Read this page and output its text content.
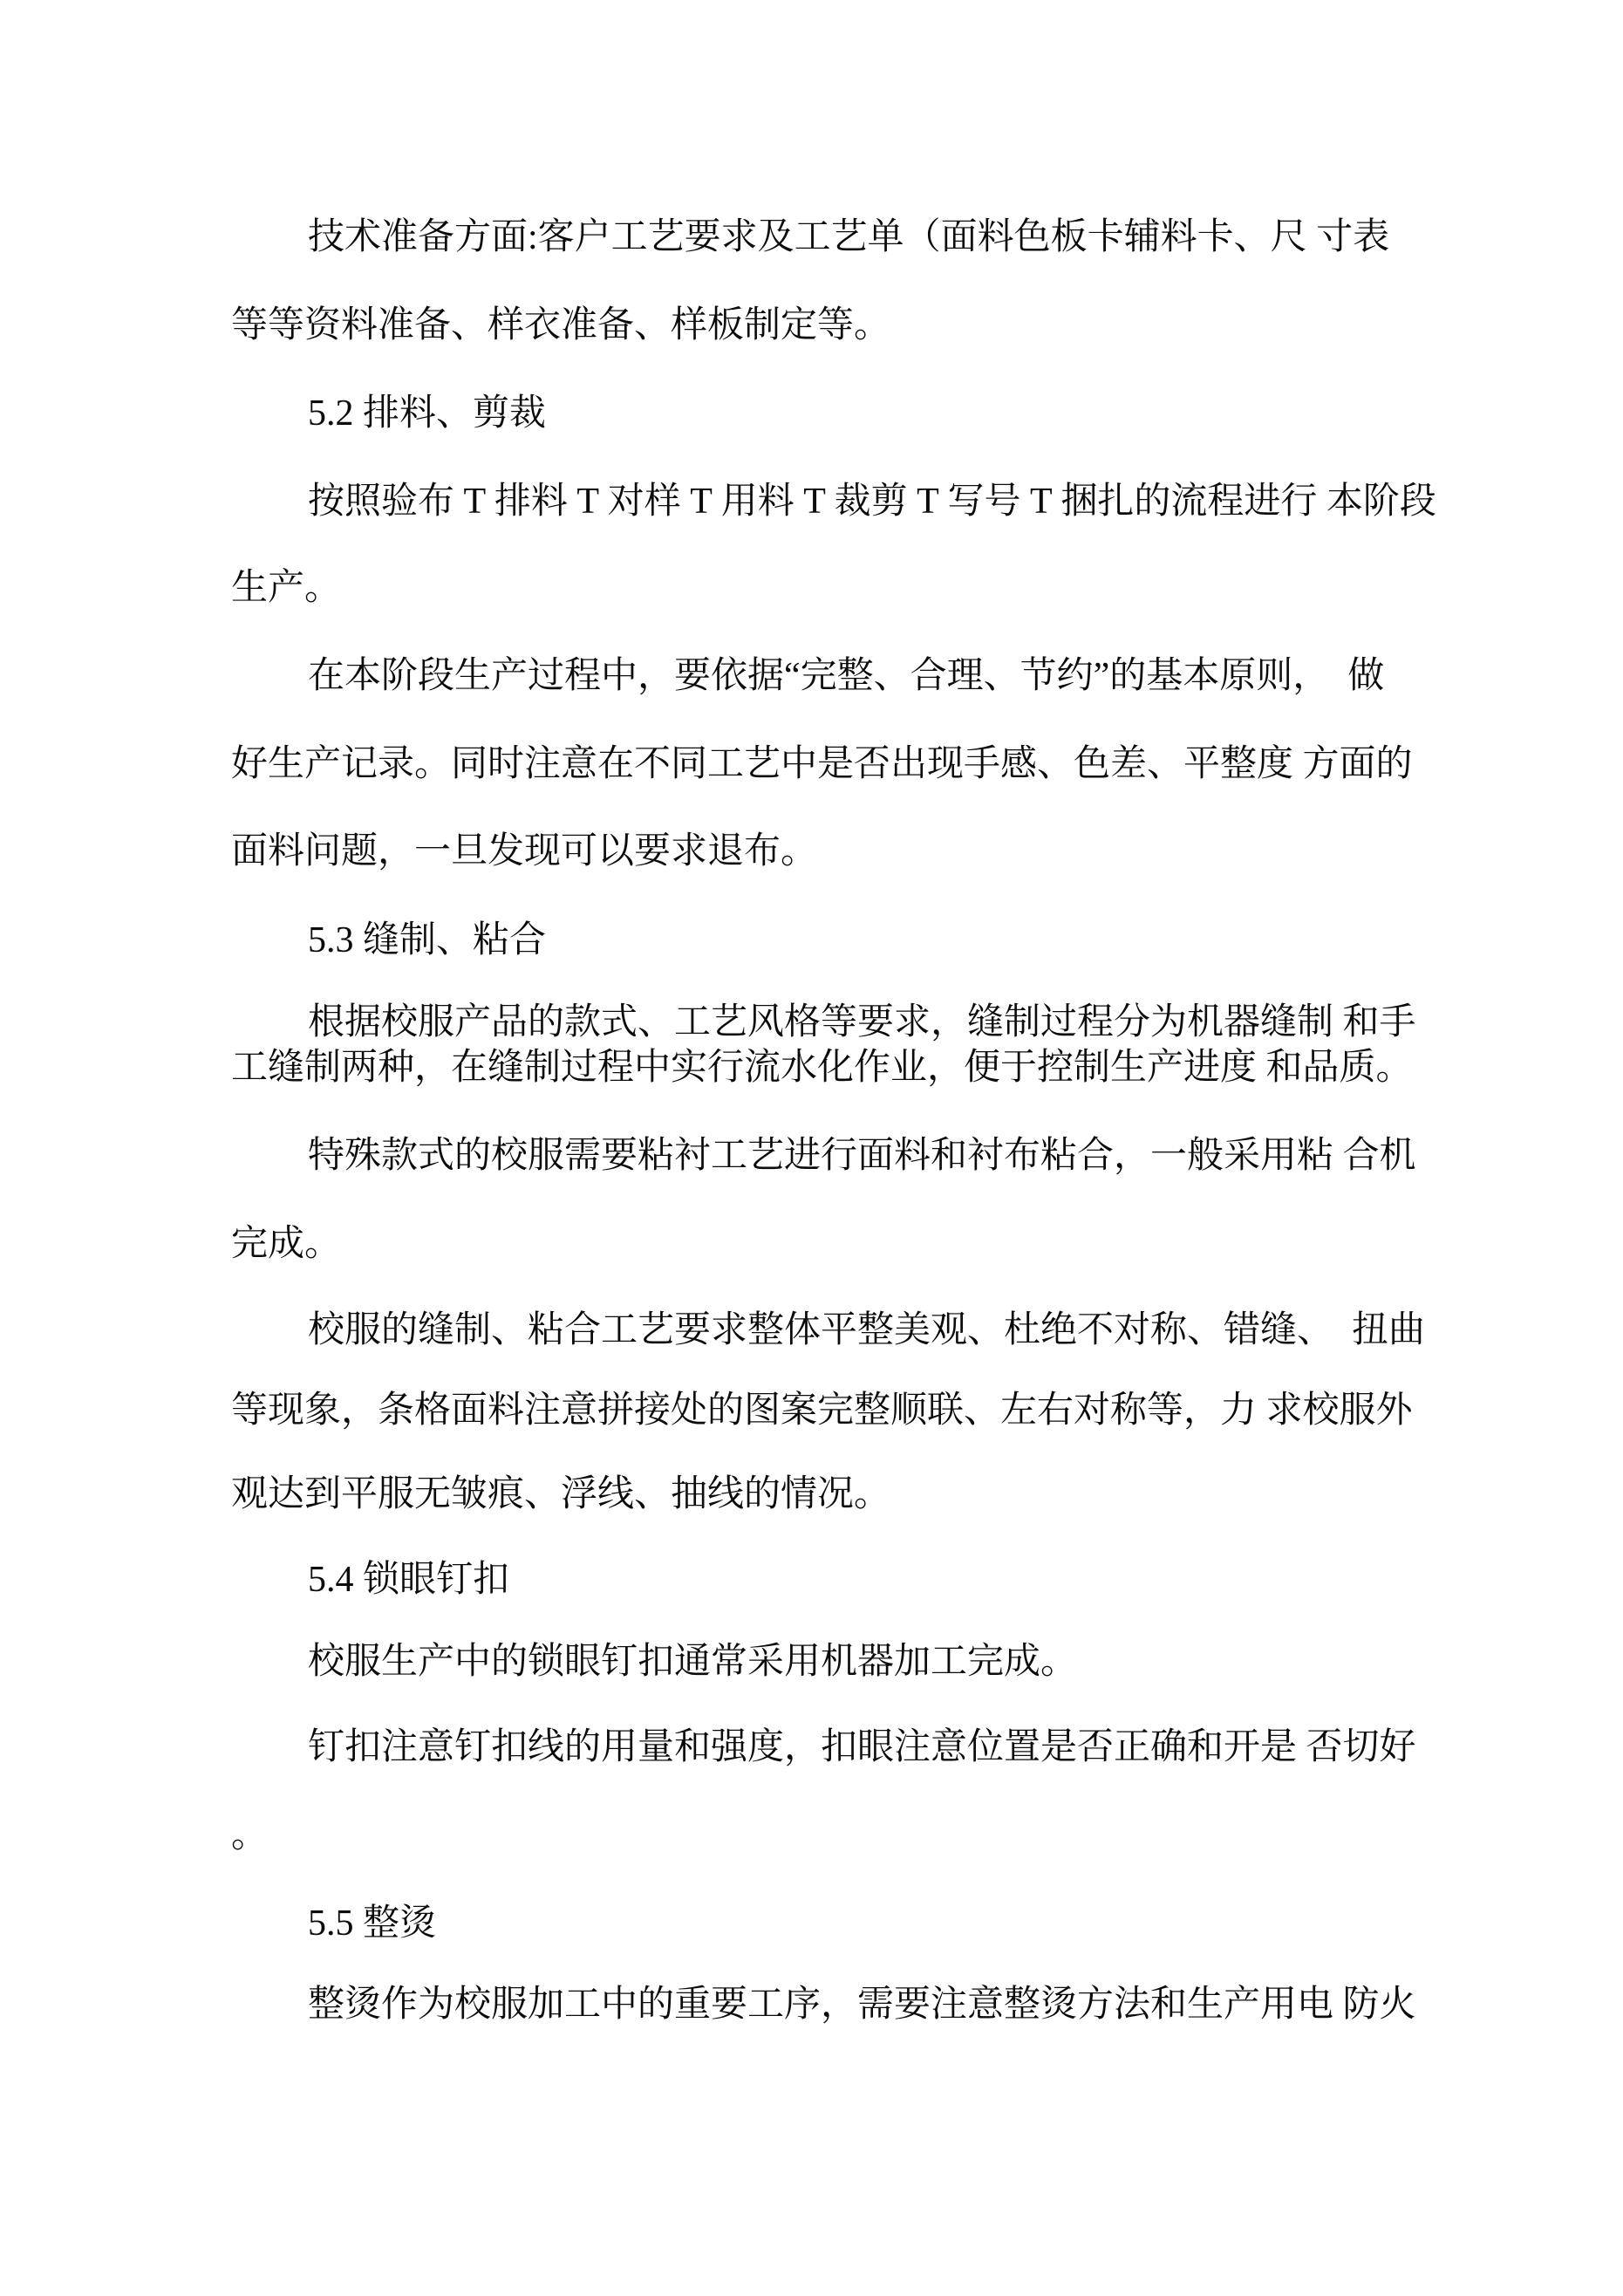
技术准备方面:客户工艺要求及工艺单（面料色板卡辅料卡、尺 寸表
等等资料准备、样衣准备、样板制定等。
5.2 排料、剪裁
按照验布 T 排料 T 对样 T 用料 T 裁剪 T 写号 T 捆扎的流程进行 本阶段
生产。
在本阶段生产过程中，要依据“完整、合理、节约”的基本原则，  做
好生产记录。同时注意在不同工艺中是否出现手感、色差、平整度 方面的
面料问题，一旦发现可以要求退布。
5.3 缝制、粘合
根据校服产品的款式、工艺风格等要求，缝制过程分为机器缝制 和手
工缝制两种，在缝制过程中实行流水化作业，便于控制生产进度 和品质。
特殊款式的校服需要粘衬工艺进行面料和衬布粘合，一般采用粘 合机
完成。
校服的缝制、粘合工艺要求整体平整美观、杜绝不对称、错缝、  扭曲
等现象，条格面料注意拼接处的图案完整顺联、左右对称等，力 求校服外
观达到平服无皱痕、浮线、抽线的情况。
5.4 锁眼钉扣
校服生产中的锁眼钉扣通常采用机器加工完成。
钉扣注意钉扣线的用量和强度，扣眼注意位置是否正确和开是 否切好
。
5.5 整烫
整烫作为校服加工中的重要工序，需要注意整烫方法和生产用电 防火
